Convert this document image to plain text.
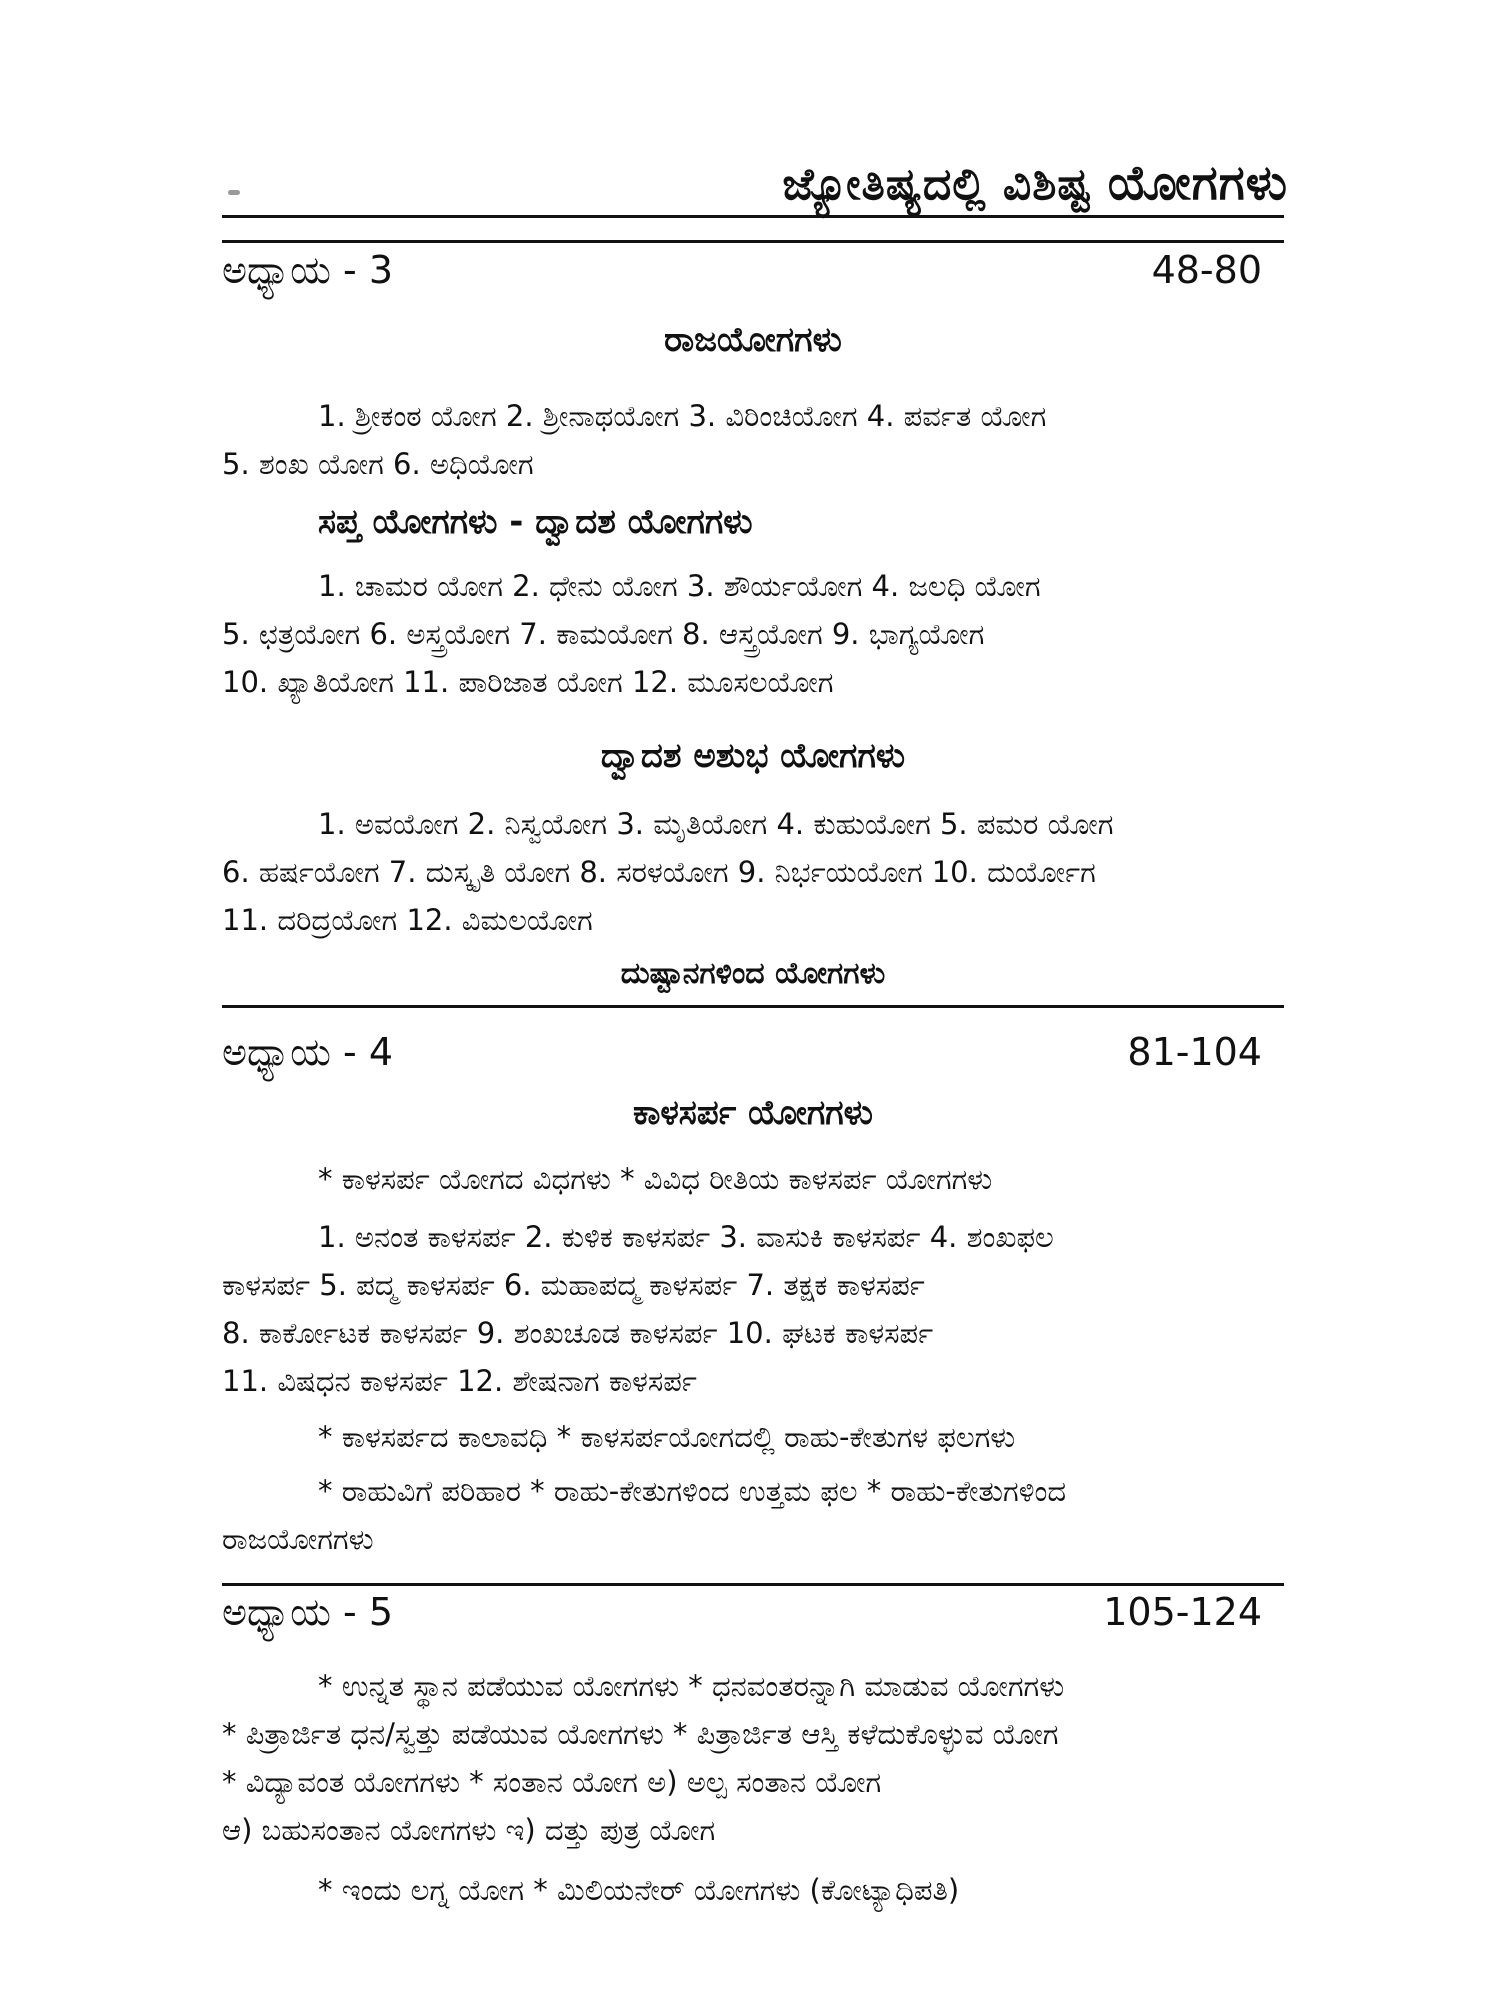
ಜ್ಯೋತಿಷ್ಯದಲ್ಲಿ ವಿಶಿಷ್ಟ ಯೋಗಗಳು
ಅಧ್ಯಾಯ - 3	48-80
ರಾಜಯೋಗಗಳು
1. ಶ್ರೀಕಂಠ ಯೋಗ 2. ಶ್ರೀನಾಥಯೋಗ 3. ವಿರಿಂಚಿಯೋಗ 4. ಪರ್ವತ ಯೋಗ
5. ಶಂಖ ಯೋಗ 6. ಅಧಿಯೋಗ
ಸಪ್ತ ಯೋಗಗಳು - ದ್ವಾದಶ ಯೋಗಗಳು
1. ಚಾಮರ ಯೋಗ 2. ಧೇನು ಯೋಗ 3. ಶೌರ್ಯಯೋಗ 4. ಜಲಧಿ ಯೋಗ
5. ಛತ್ರಯೋಗ 6. ಅಸ್ತ್ರಯೋಗ 7. ಕಾಮಯೋಗ 8. ಆಸ್ತ್ರಯೋಗ 9. ಭಾಗ್ಯಯೋಗ
10. ಖ್ಯಾತಿಯೋಗ 11. ಪಾರಿಜಾತ ಯೋಗ 12. ಮೂಸಲಯೋಗ
ದ್ವಾದಶ ಅಶುಭ ಯೋಗಗಳು
1. ಅವಯೋಗ 2. ನಿಸ್ವಯೋಗ 3. ಮೃತಿಯೋಗ 4. ಕುಹುಯೋಗ 5. ಪಮರ ಯೋಗ
6. ಹರ್ಷಯೋಗ 7. ದುಸ್ಕೃತಿ ಯೋಗ 8. ಸರಳಯೋಗ 9. ನಿರ್ಭಯಯೋಗ 10. ದುರ್ಯೋಗ
11. ದರಿದ್ರಯೋಗ 12. ವಿಮಲಯೋಗ
ದುಷ್ಟಾನಗಳಿಂದ ಯೋಗಗಳು
ಅಧ್ಯಾಯ - 4	81-104
ಕಾಳಸರ್ಪ ಯೋಗಗಳು
* ಕಾಳಸರ್ಪ ಯೋಗದ ವಿಧಗಳು * ವಿವಿಧ ರೀತಿಯ ಕಾಳಸರ್ಪ ಯೋಗಗಳು
1. ಅನಂತ ಕಾಳಸರ್ಪ 2. ಕುಳಿಕ ಕಾಳಸರ್ಪ 3. ವಾಸುಕಿ ಕಾಳಸರ್ಪ 4. ಶಂಖಫಲ
ಕಾಳಸರ್ಪ 5. ಪದ್ಮ ಕಾಳಸರ್ಪ 6. ಮಹಾಪದ್ಮ ಕಾಳಸರ್ಪ 7. ತಕ್ಷಕ ಕಾಳಸರ್ಪ
8. ಕಾರ್ಕೋಟಕ ಕಾಳಸರ್ಪ 9. ಶಂಖಚೂಡ ಕಾಳಸರ್ಪ 10. ಘಟಕ ಕಾಳಸರ್ಪ
11. ವಿಷಧನ ಕಾಳಸರ್ಪ 12. ಶೇಷನಾಗ ಕಾಳಸರ್ಪ
* ಕಾಳಸರ್ಪದ ಕಾಲಾವಧಿ * ಕಾಳಸರ್ಪಯೋಗದಲ್ಲಿ ರಾಹು-ಕೇತುಗಳ ಫಲಗಳು
* ರಾಹುವಿಗೆ ಪರಿಹಾರ * ರಾಹು-ಕೇತುಗಳಿಂದ ಉತ್ತಮ ಫಲ * ರಾಹು-ಕೇತುಗಳಿಂದ
ರಾಜಯೋಗಗಳು
ಅಧ್ಯಾಯ - 5	105-124
* ಉನ್ನತ ಸ್ಥಾನ ಪಡೆಯುವ ಯೋಗಗಳು * ಧನವಂತರನ್ನಾಗಿ ಮಾಡುವ ಯೋಗಗಳು
* ಪಿತ್ರಾರ್ಜಿತ ಧನ/ಸ್ವತ್ತು ಪಡೆಯುವ ಯೋಗಗಳು * ಪಿತ್ರಾರ್ಜಿತ ಆಸ್ತಿ ಕಳೆದುಕೊಳ್ಳುವ ಯೋಗ
* ವಿದ್ಯಾವಂತ ಯೋಗಗಳು * ಸಂತಾನ ಯೋಗ ಅ) ಅಲ್ಪ ಸಂತಾನ ಯೋಗ
ಆ) ಬಹುಸಂತಾನ ಯೋಗಗಳು ಇ) ದತ್ತು ಪುತ್ರ ಯೋಗ
* ಇಂದು ಲಗ್ನ ಯೋಗ * ಮಿಲಿಯನೇರ್ ಯೋಗಗಳು (ಕೋಟ್ಯಾಧಿಪತಿ)
